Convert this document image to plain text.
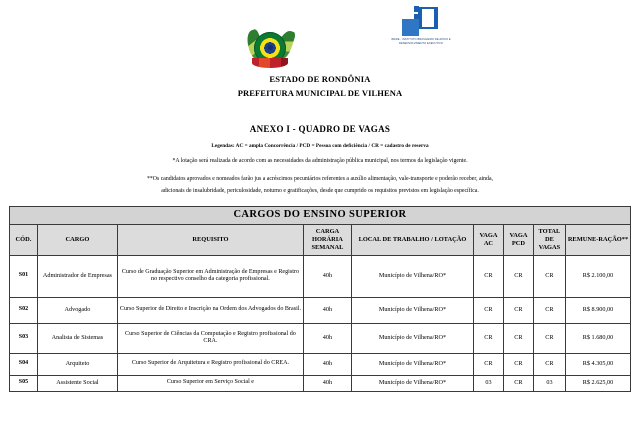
IBADE - INSTITUTO BRASILEIRO DE APOIO E DESENVOLVIMENTO EXECUTIVO
ESTADO DE RONDÔNIA
PREFEITURA MUNICIPAL DE VILHENA
ANEXO I - QUADRO DE VAGAS
Legendas: AC = ampla Concorrência / PCD = Pessoa com deficiência / CR = cadastro de reserva
*A lotação será realizada de acordo com as necessidades da administração pública municipal, nos termos da legislação vigente.
**Os candidatos aprovados e nomeados farão jus a acréscimos pecuniários referentes a auxílio alimentação, vale-transporte e poderão receber, ainda,
adicionais de insalubridade, periculosidade, noturno e gratificações, desde que cumprido os requisitos previstos em legislação específica.
CARGOS DO ENSINO SUPERIOR								
CÓD.	CARGO	REQUISITO	CARGA HORÁRIA SEMANAL	LOCAL DE TRABALHO / LOTAÇÃO	VAGA AC	VAGA PCD	TOTAL DE VAGAS	REMUNE-RAÇÃO**
S01	Administrador de Empresas	Curso de Graduação Superior em Administração de Empresas e Registro no respectivo conselho da categoria profissional.	40h	Município de Vilhena/RO*	CR	CR	CR	R$ 2.100,00
S02	Advogado	Curso Superior de Direito e Inscrição na Ordem dos Advogados do Brasil.	40h	Município de Vilhena/RO*	CR	CR	CR	R$ 8.900,00
S03	Analista de Sistemas	Curso Superior de Ciências da Computação e Registro profissional do CRA.	40h	Município de Vilhena/RO*	CR	CR	CR	R$ 1.680,00
S04	Arquiteto	Curso Superior de Arquitetura e Registro profissional do CREA.	40h	Município de Vilhena/RO*	CR	CR	CR	R$ 4.305,00
S05	Assistente Social	Curso Superior em Serviço Social e	40h	Município de Vilhena/RO*	03	CR	03	R$ 2.625,00
